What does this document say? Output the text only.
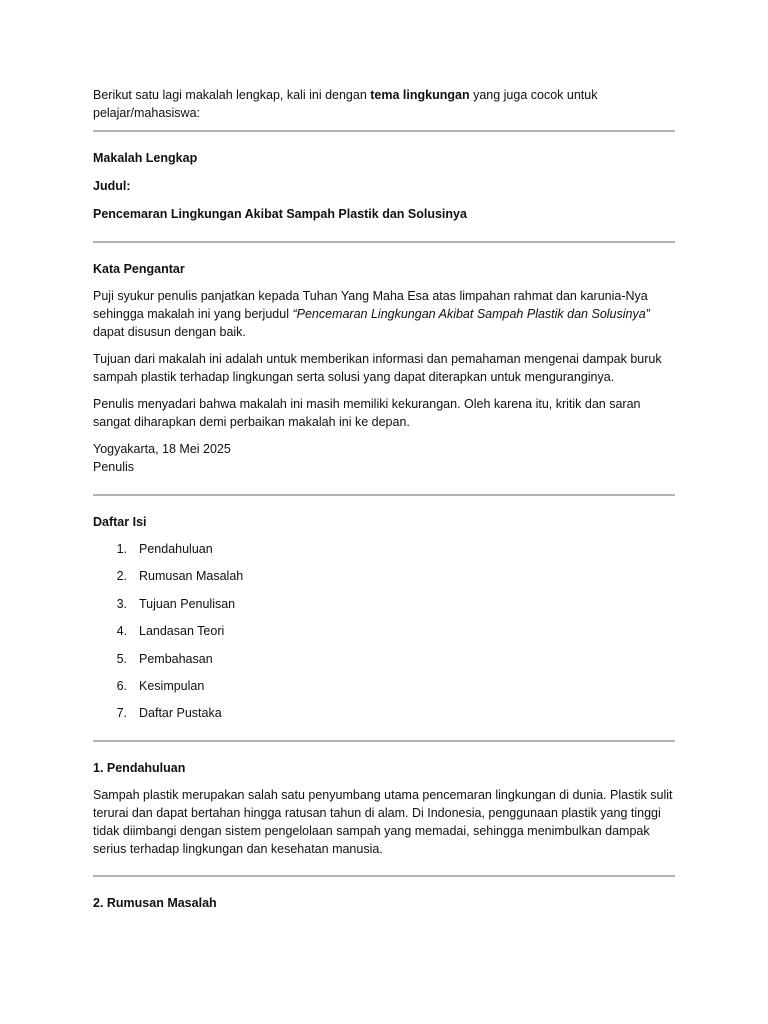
Berikut satu lagi makalah lengkap, kali ini dengan tema lingkungan yang juga cocok untuk pelajar/mahasiswa:

Makalah Lengkap

Judul:

Pencemaran Lingkungan Akibat Sampah Plastik dan Solusinya

Kata Pengantar

Puji syukur penulis panjatkan kepada Tuhan Yang Maha Esa atas limpahan rahmat dan karunia-Nya sehingga makalah ini yang berjudul “Pencemaran Lingkungan Akibat Sampah Plastik dan Solusinya” dapat disusun dengan baik.

Tujuan dari makalah ini adalah untuk memberikan informasi dan pemahaman mengenai dampak buruk sampah plastik terhadap lingkungan serta solusi yang dapat diterapkan untuk menguranginya.

Penulis menyadari bahwa makalah ini masih memiliki kekurangan. Oleh karena itu, kritik dan saran sangat diharapkan demi perbaikan makalah ini ke depan.

Yogyakarta, 18 Mei 2025

Penulis

Daftar Isi

1. Pendahuluan
2. Rumusan Masalah
3. Tujuan Penulisan
4. Landasan Teori
5. Pembahasan
6. Kesimpulan
7. Daftar Pustaka

1. Pendahuluan

Sampah plastik merupakan salah satu penyumbang utama pencemaran lingkungan di dunia. Plastik sulit terurai dan dapat bertahan hingga ratusan tahun di alam. Di Indonesia, penggunaan plastik yang tinggi tidak diimbangi dengan sistem pengelolaan sampah yang memadai, sehingga menimbulkan dampak serius terhadap lingkungan dan kesehatan manusia.

2. Rumusan Masalah
